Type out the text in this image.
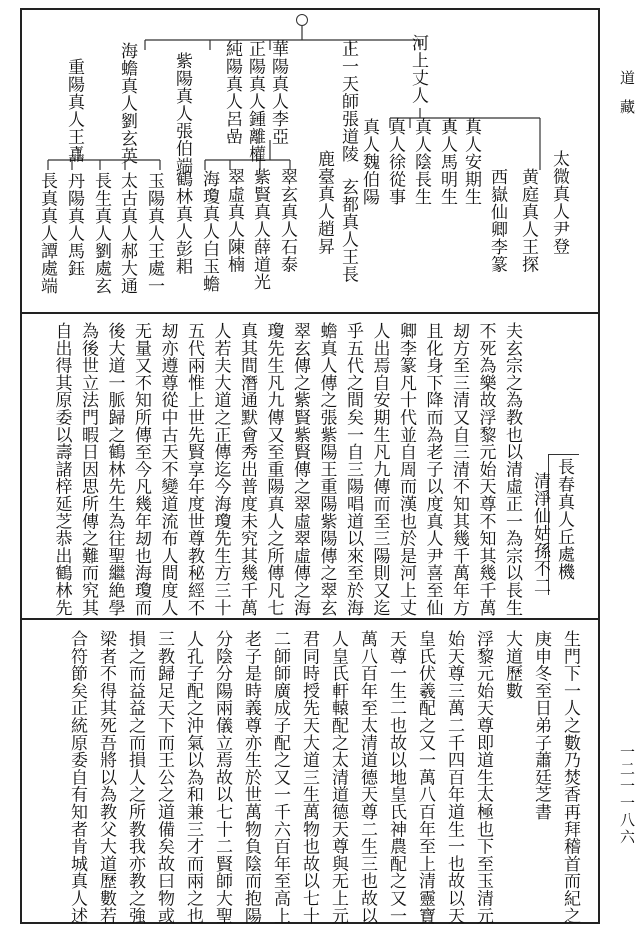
道藏
一二一一八六
河上丈人
太微真人尹登
黄庭真人王探
西嶽仙卿李篆
真人安期生
真人馬明生
真人陰長生
真人徐從事
真人魏伯陽
正一天師張道陵
玄都真人王長
鹿臺真人趙昇
華陽真人李亞
正陽真人鍾離權
純陽真人呂嵒
翠玄真人石泰
紫賢真人薛道光
翠虛真人陳楠
紫陽真人張伯端
海瓊真人白玉蟾
鶴林真人彭耜
海蟾真人劉玄英
重陽真人王嚞
玉陽真人王處一
太古真人郝大通
長生真人劉處玄
丹陽真人馬鈺
長真真人譚處端
長春真人丘處機
清淨仙姑孫不二
夫玄宗之為教也以清虛正一為宗以長生
不死為樂故浮黎元始天尊不知其幾千萬
刼方至三清又自三清不知其幾千萬年方
且化身下降而為老子以度真人尹喜至仙
卿李篆凡十代並自周而漢也於是河上丈
人出焉自安期生凡九傳而至三陽則又迄
乎五代之間矣一自三陽唱道以來至於海
蟾真人傳之張紫陽王重陽紫陽傳之翠玄
翠玄傳之紫賢紫賢傳之翠虛翠虛傳之海
瓊先生凡九傳又至重陽真人之所傳凡七
真其間潛通默會秀出普度未究其幾千萬
人若夫大道之正傳迄今海瓊先生方三十
五代兩惟上世先賢享年度世尊教秘經不
刼亦遵尊從中古天不變道流布人間度人
无量又不知所傳至今凡幾年刼也海瓊而
後大道一脈歸之鶴林先生為往聖繼絶學
為後世立法門暇日因思所傳之難而究其
自出得其原委以壽諸梓延芝恭出鶴林先
生門下一人之數乃焚香再拜稽首而紀之
庚申冬至日弟子蕭廷芝書
大道歷數
浮黎元始天尊即道生太極也下至玉清元
始天尊三萬二千四百年道生一也故以天
皇氏伏羲配之又一萬八百年至上清靈寶
天尊一生二也故以地皇氏神農配之又一
萬八百年至太清道德天尊二生三也故以
人皇氏軒轅配之太清道德天尊與无上元
君同時授先天大道三生萬物也故以七十
二師師廣成子配之又一千六百年至高上
老子是時義尊亦生於世萬物負陰而抱陽
分陰分陽兩儀立焉故以七十二賢師大聖
人孔子配之沖氣以為和兼三才而兩之也
三教歸足天下而王公之道備矣故曰物或
損之而益益之而損人之所教我亦教之強
梁者不得其死吾將以為教父大道歷數若
合符節矣正統原委自有知者肯城真人述
